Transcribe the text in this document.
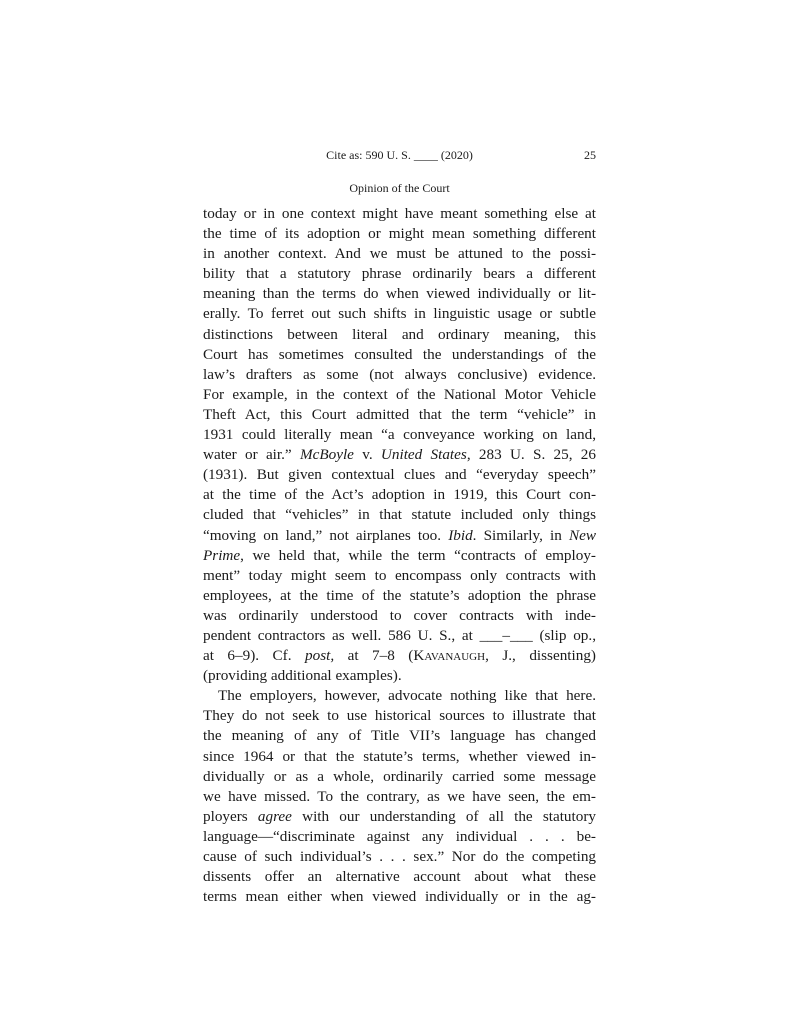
Cite as: 590 U. S. ____ (2020)	25
Opinion of the Court
today or in one context might have meant something else at
the time of its adoption or might mean something different
in another context. And we must be attuned to the possi-
bility that a statutory phrase ordinarily bears a different
meaning than the terms do when viewed individually or lit-
erally. To ferret out such shifts in linguistic usage or subtle
distinctions between literal and ordinary meaning, this
Court has sometimes consulted the understandings of the
law’s drafters as some (not always conclusive) evidence.
For example, in the context of the National Motor Vehicle
Theft Act, this Court admitted that the term “vehicle” in
1931 could literally mean “a conveyance working on land,
water or air.” McBoyle v. United States, 283 U. S. 25, 26
(1931). But given contextual clues and “everyday speech”
at the time of the Act’s adoption in 1919, this Court con-
cluded that “vehicles” in that statute included only things
“moving on land,” not airplanes too. Ibid. Similarly, in New
Prime, we held that, while the term “contracts of employ-
ment” today might seem to encompass only contracts with
employees, at the time of the statute’s adoption the phrase
was ordinarily understood to cover contracts with inde-
pendent contractors as well. 586 U. S., at ___–___ (slip op.,
at 6–9). Cf. post, at 7–8 (Kavanaugh, J., dissenting)
(providing additional examples).
The employers, however, advocate nothing like that here.
They do not seek to use historical sources to illustrate that
the meaning of any of Title VII’s language has changed
since 1964 or that the statute’s terms, whether viewed in-
dividually or as a whole, ordinarily carried some message
we have missed. To the contrary, as we have seen, the em-
ployers agree with our understanding of all the statutory
language—“discriminate against any individual . . . be-
cause of such individual’s . . . sex.” Nor do the competing
dissents offer an alternative account about what these
terms mean either when viewed individually or in the ag-
